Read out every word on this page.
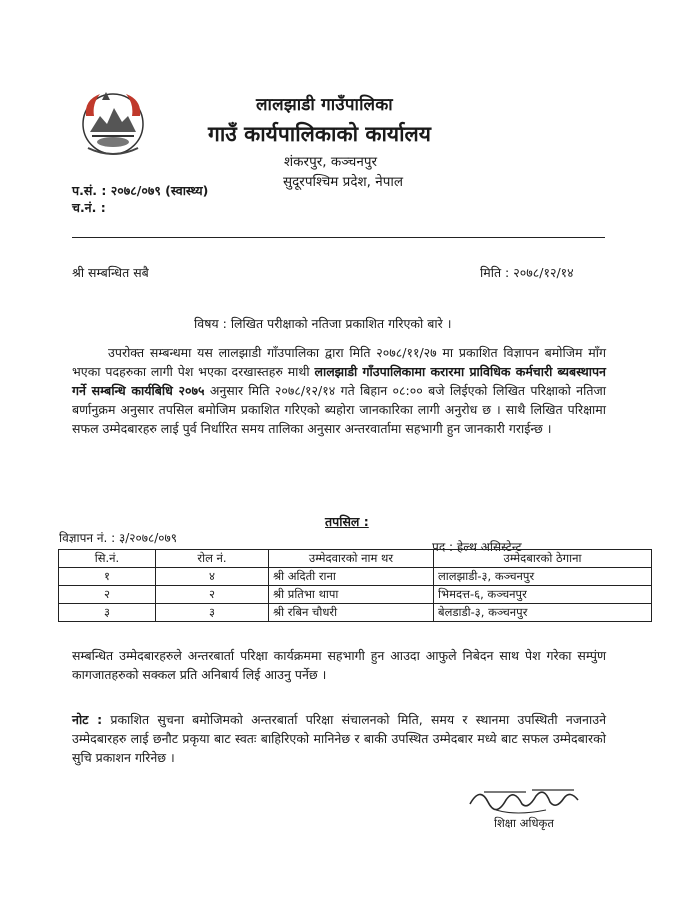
लालझाडी गाउँपालिका
गाउँ कार्यपालिकाको कार्यालय
शंकरपुर, कञ्चनपुर
सुदूरपश्चिम प्रदेश, नेपाल
प.सं. : २०७८/०७९ (स्वास्थ्य)
च.नं. :
श्री सम्बन्धित सबै	मिति : २०७८/१२/१४
विषय : लिखित परीक्षाको नतिजा प्रकाशित गरिएको बारे ।
उपरोक्त सम्बन्धमा यस लालझाडी गाँउपालिका द्वारा मिति २०७८/११/२७ मा प्रकाशित विज्ञापन बमोजिम माँग भएका पदहरुका लागी पेश भएका दरखास्तहरु माथी लालझाडी गाँउपालिकामा करारमा प्राविधिक कर्मचारी ब्यबस्थापन गर्ने सम्बन्धि कार्यबिधि २०७५ अनुसार मिति २०७८/१२/१४ गते बिहान ०८:०० बजे लिईएको लिखित परिक्षाको नतिजा बर्णानुक्रम अनुसार तपसिल बमोजिम प्रकाशित गरिएको ब्यहोरा जानकारिका लागी अनुरोध छ । साथै लिखित परिक्षामा सफल उम्मेदबारहरु लाई पुर्व निर्धारित समय तालिका अनुसार अन्तरवार्तामा सहभागी हुन जानकारी गराईन्छ ।
तपसिल :
विज्ञापन नं. : ३/२०७८/०७९
पद : हेल्थ असिस्टेन्ट
सि.नं.	रोल नं.	उम्मेदवारको नाम थर	उम्मेदबारको ठेगाना
१	४	श्री अदिती राना	लालझाडी-३, कञ्चनपुर
२	२	श्री प्रतिभा थापा	भिमदत्त-६, कञ्चनपुर
३	३	श्री रबिन चौधरी	बेलडाडी-३, कञ्चनपुर
सम्बन्धित उम्मेदबारहरुले अन्तरबार्ता परिक्षा कार्यक्रममा सहभागी हुन आउदा आफुले निबेदन साथ पेश गरेका सम्पुंण कागजातहरुको सक्कल प्रति अनिबार्य लिई आउनु पर्नेछ ।
नोट : प्रकाशित सुचना बमोजिमको अन्तरबार्ता परिक्षा संचालनको मिति, समय र स्थानमा उपस्थिती नजनाउने उम्मेदबारहरु लाई छनौट प्रकृया बाट स्वतः बाहिरिएको मानिनेछ र बाकी उपस्थित उम्मेदबार मध्ये बाट सफल उम्मेदबारको सुचि प्रकाशन गरिनेछ ।
शिक्षा अधिकृत
